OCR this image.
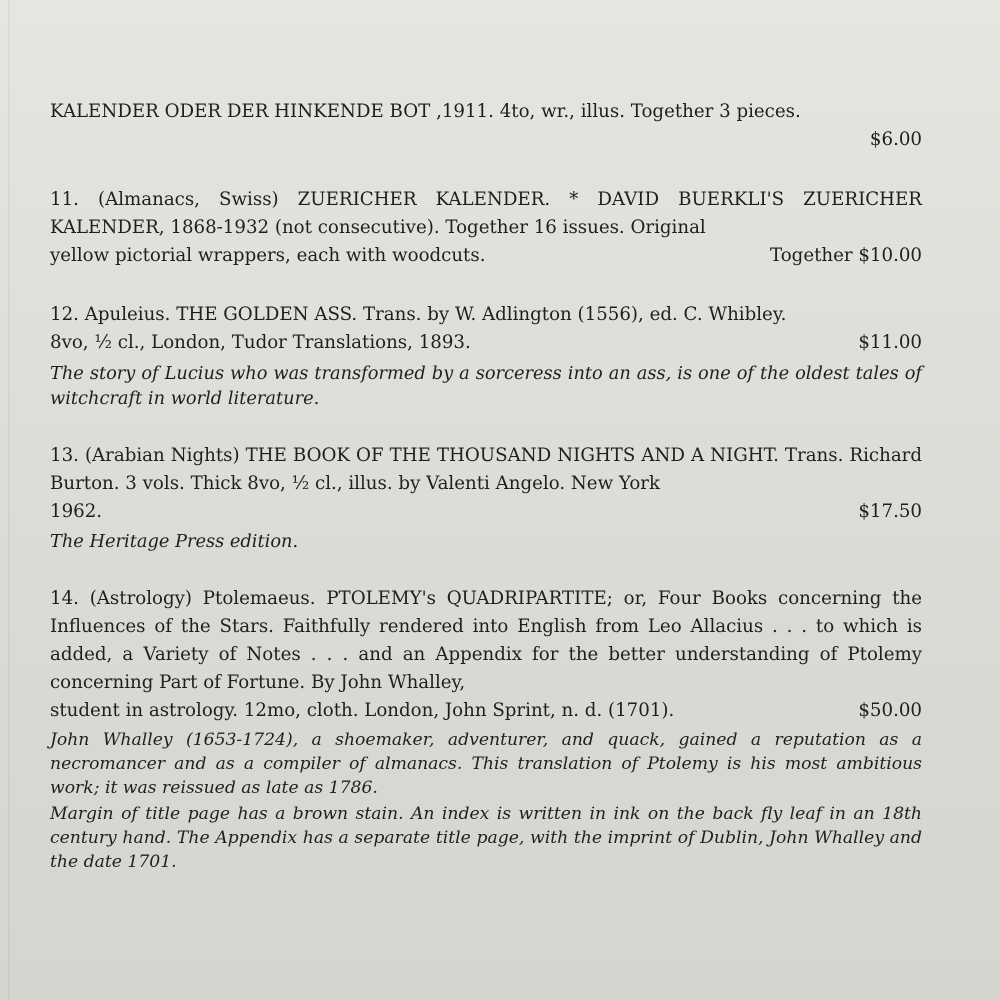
KALENDER ODER DER HINKENDE BOT ,1911. 4to, wr., illus. Together 3 pieces.
$6.00
11. (Almanacs, Swiss) ZUERICHER KALENDER. * DAVID BUERKLI'S ZUERICHER KALENDER, 1868-1932 (not consecutive). Together 16 issues. Original
yellow pictorial wrappers, each with woodcuts.	Together $10.00
12. Apuleius. THE GOLDEN ASS. Trans. by W. Adlington (1556), ed. C. Whibley.
8vo, ½ cl., London, Tudor Translations, 1893.	$11.00
The story of Lucius who was transformed by a sorceress into an ass, is one of the oldest tales of witchcraft in world literature.
13. (Arabian Nights) THE BOOK OF THE THOUSAND NIGHTS AND A NIGHT. Trans. Richard Burton. 3 vols. Thick 8vo, ½ cl., illus. by Valenti Angelo. New York
1962.	$17.50
The Heritage Press edition.
14. (Astrology) Ptolemaeus. PTOLEMY's QUADRIPARTITE; or, Four Books concerning the Influences of the Stars. Faithfully rendered into English from Leo Allacius . . . to which is added, a Variety of Notes . . . and an Appendix for the better understanding of Ptolemy concerning Part of Fortune. By John Whalley,
student in astrology. 12mo, cloth. London, John Sprint, n. d. (1701).	$50.00
John Whalley (1653-1724), a shoemaker, adventurer, and quack, gained a reputation as a necromancer and as a compiler of almanacs. This translation of Ptolemy is his most ambitious work; it was reissued as late as 1786.
Margin of title page has a brown stain. An index is written in ink on the back fly leaf in an 18th century hand. The Appendix has a separate title page, with the imprint of Dublin, John Whalley and the date 1701.
